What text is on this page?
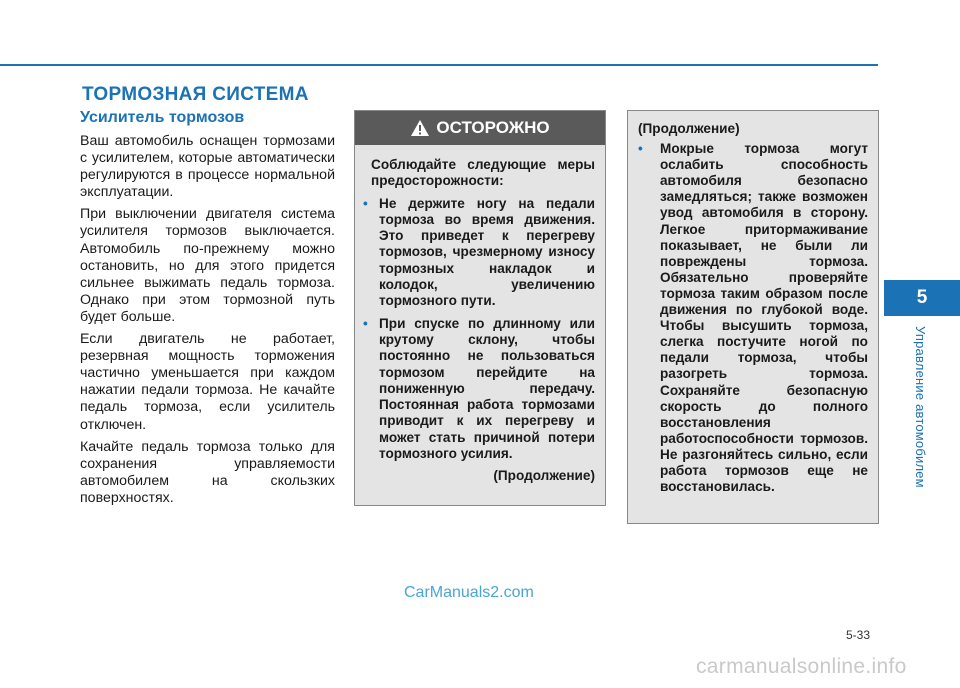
ТОРМОЗНАЯ СИСТЕМА
Усилитель тормозов

Ваш автомобиль оснащен тормозами с усилителем, которые автоматически регулируются в процессе нормальной эксплуатации.

При выключении двигателя система усилителя тормозов выключается. Автомобиль по-прежнему можно остановить, но для этого придется сильнее выжимать педаль тормоза. Однако при этом тормозной путь будет больше.

Если двигатель не работает, резервная мощность торможения частично уменьшается при каждом нажатии педали тормоза. Не качайте педаль тормоза, если усилитель отключен.

Качайте педаль тормоза только для сохранения управляемости автомобилем на скользких поверхностях.

ОСТОРОЖНО

Соблюдайте следующие меры предосторожности:

• Не держите ногу на педали тормоза во время движения. Это приведет к перегреву тормозов, чрезмерному износу тормозных накладок и колодок, увеличению тормозного пути.
• При спуске по длинному или крутому склону, чтобы постоянно не пользоваться тормозом перейдите на пониженную передачу. Постоянная работа тормозами приводит к их перегреву и может стать причиной потери тормозного усилия.
(Продолжение)
(Продолжение)
•	Мокрые тормоза могут ослабить способность автомобиля безопасно замедляться; также возможен увод автомобиля в сторону. Легкое притормаживание показывает, не были ли повреждены тормоза. Обязательно проверяйте тормоза таким образом после движения по глубокой воде. Чтобы высушить тормоза, слегка постучите ногой по педали тормоза, чтобы разогреть тормоза. Сохраняйте безопасную скорость до полного восстановления работоспособности тормозов. Не разгоняйтесь сильно, если работа тормозов еще не восстановилась.
5
Управление автомобилем
CarManuals2.com
5-33
carmanualsonline.info
